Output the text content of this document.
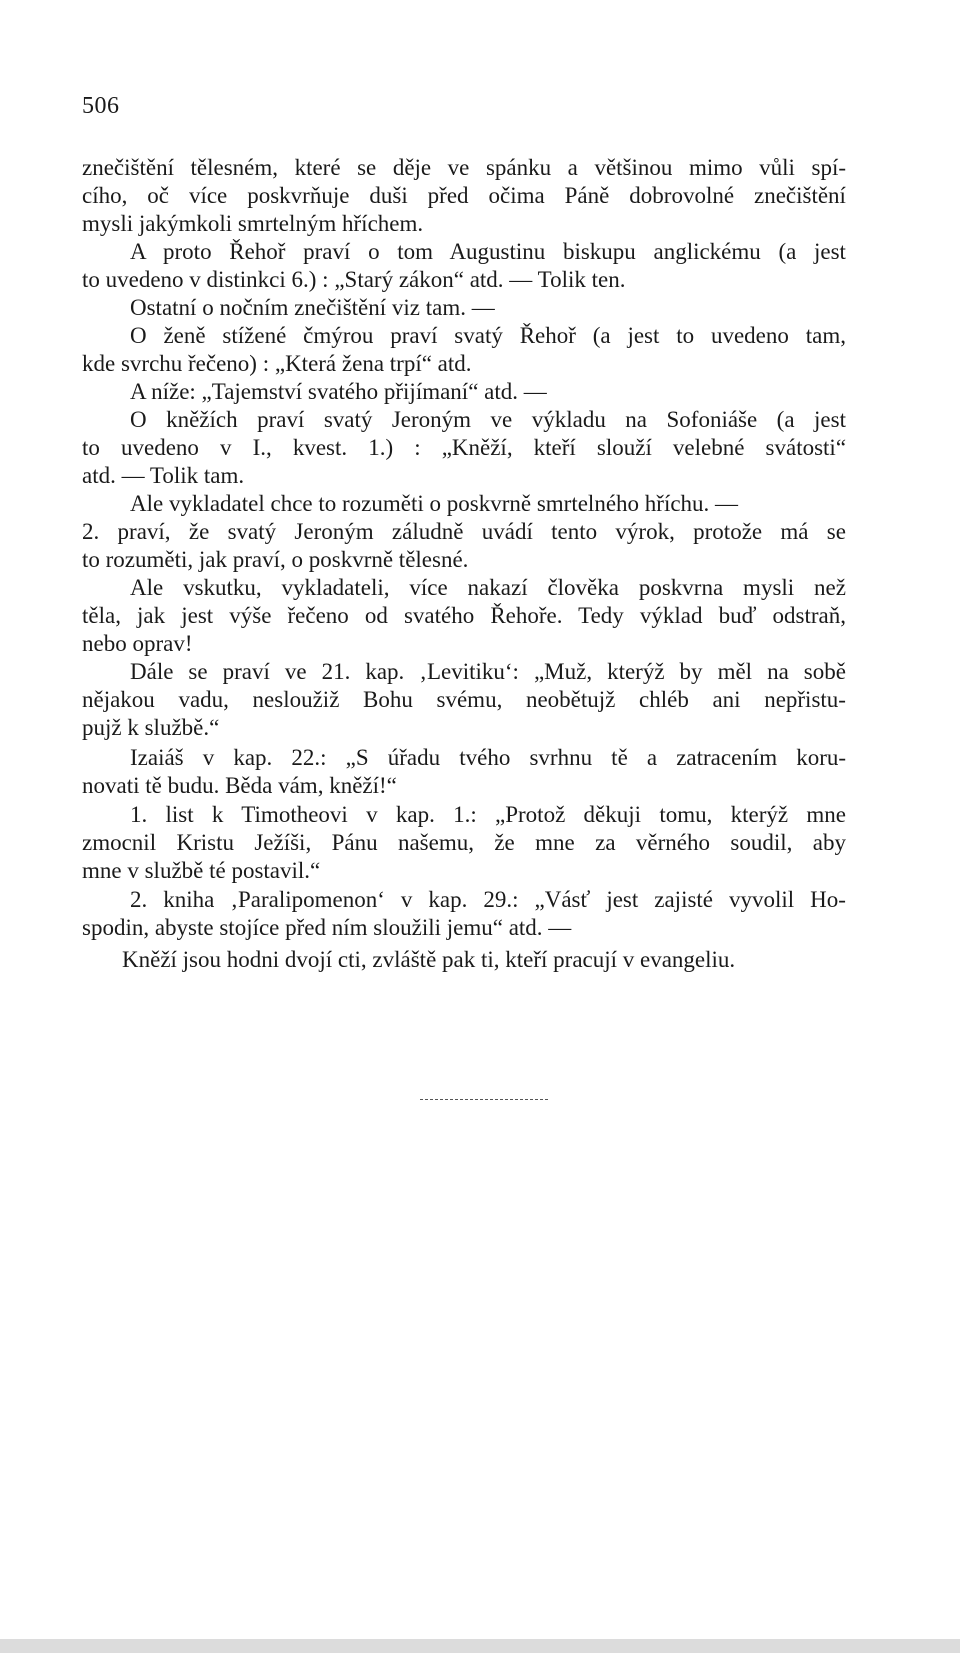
506
znečištění tělesném, které se děje ve spánku a většinou mimo vůli spí-
cího, oč více poskvrňuje duši před očima Páně dobrovolné znečištění
mysli jakýmkoli smrtelným hříchem.
A proto Řehoř praví o tom Augustinu biskupu anglickému (a jest
to uvedeno v distinkci 6.) : „Starý zákon“ atd. — Tolik ten.
Ostatní o nočním znečištění viz tam. —
O ženě stížené čmýrou praví svatý Řehoř (a jest to uvedeno tam,
kde svrchu řečeno) : „Která žena trpí“ atd.
A níže: „Tajemství svatého přijímaní“ atd. —
O kněžích praví svatý Jeroným ve výkladu na Sofoniáše (a jest
to uvedeno v I., kvest. 1.) : „Kněží, kteří slouží velebné svátosti“
atd. — Tolik tam.
Ale vykladatel chce to rozuměti o poskvrně smrtelného hříchu. —
2. praví, že svatý Jeroným záludně uvádí tento výrok, protože má se
to rozuměti, jak praví, o poskvrně tělesné.
Ale vskutku, vykladateli, více nakazí člověka poskvrna mysli než
těla, jak jest výše řečeno od svatého Řehoře. Tedy výklad buď odstraň,
nebo oprav!
Dále se praví ve 21. kap. ‚Levitiku‘: „Muž, kterýž by měl na sobě
nějakou vadu, nesloužiž Bohu svému, neobětujž chléb ani nepřistu-
pujž k službě.“
Izaiáš v kap. 22.: „S úřadu tvého svrhnu tě a zatracením koru-
novati tě budu. Běda vám, kněží!“
1. list k Timotheovi v kap. 1.: „Protož děkuji tomu, kterýž mne
zmocnil Kristu Ježíši, Pánu našemu, že mne za věrného soudil, aby
mne v službě té postavil.“
2. kniha ‚Paralipomenon‘ v kap. 29.: „Vásť jest zajisté vyvolil Ho-
spodin, abyste stojíce před ním sloužili jemu“ atd. —
Kněží jsou hodni dvojí cti, zvláště pak ti, kteří pracují v evangeliu.
